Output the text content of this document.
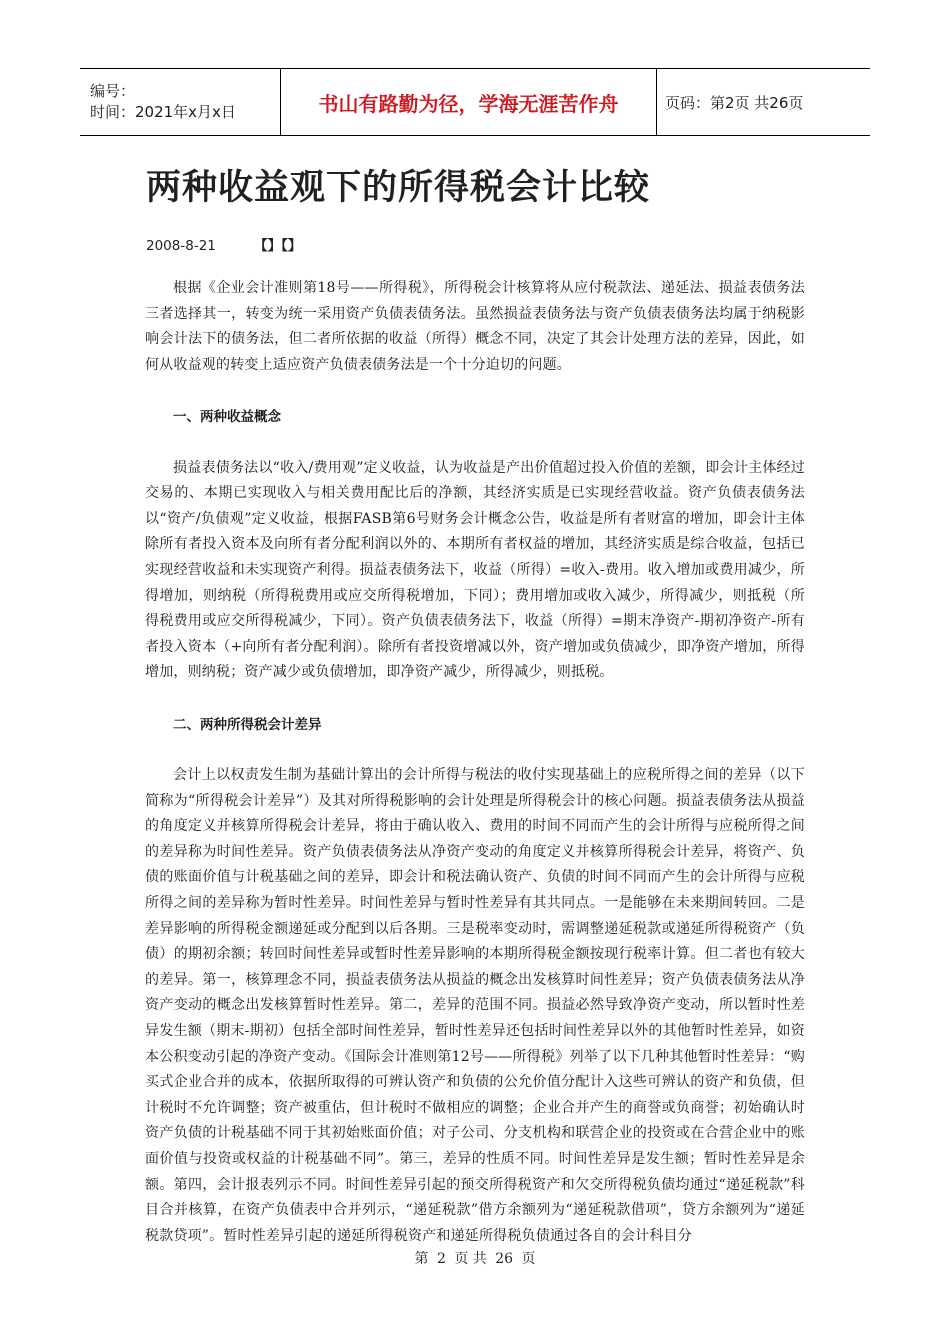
编号：
时间：2021年x月x日	书山有路勤为径，学海无涯苦作舟	页码：第2页 共26页
两种收益观下的所得税会计比较
2008-8-21	【】【】

根据《企业会计准则第18号——所得税》，所得税会计核算将从应付税款法、递延法、损益表债务法三者选择其一，转变为统一采用资产负债表债务法。虽然损益表债务法与资产负债表债务法均属于纳税影响会计法下的债务法，但二者所依据的收益（所得）概念不同，决定了其会计处理方法的差异，因此，如何从收益观的转变上适应资产负债表债务法是一个十分迫切的问题。

一、两种收益概念

损益表债务法以“收入/费用观”定义收益，认为收益是产出价值超过投入价值的差额，即会计主体经过交易的、本期已实现收入与相关费用配比后的净额，其经济实质是已实现经营收益。资产负债表债务法以“资产/负债观”定义收益，根据FASB第6号财务会计概念公告，收益是所有者财富的增加，即会计主体除所有者投入资本及向所有者分配利润以外的、本期所有者权益的增加，其经济实质是综合收益，包括已实现经营收益和未实现资产利得。损益表债务法下，收益（所得）=收入-费用。收入增加或费用减少，所得增加，则纳税（所得税费用或应交所得税增加，下同）；费用增加或收入减少，所得减少，则抵税（所得税费用或应交所得税减少，下同）。资产负债表债务法下，收益（所得）=期末净资产-期初净资产-所有者投入资本（+向所有者分配利润）。除所有者投资增减以外，资产增加或负债减少，即净资产增加，所得增加，则纳税；资产减少或负债增加，即净资产减少，所得减少，则抵税。

二、两种所得税会计差异

会计上以权责发生制为基础计算出的会计所得与税法的收付实现基础上的应税所得之间的差异（以下简称为“所得税会计差异”）及其对所得税影响的会计处理是所得税会计的核心问题。损益表债务法从损益的角度定义并核算所得税会计差异，将由于确认收入、费用的时间不同而产生的会计所得与应税所得之间的差异称为时间性差异。资产负债表债务法从净资产变动的角度定义并核算所得税会计差异，将资产、负债的账面价值与计税基础之间的差异，即会计和税法确认资产、负债的时间不同而产生的会计所得与应税所得之间的差异称为暂时性差异。时间性差异与暂时性差异有其共同点。一是能够在未来期间转回。二是差异影响的所得税金额递延或分配到以后各期。三是税率变动时，需调整递延税款或递延所得税资产（负债）的期初余额；转回时间性差异或暂时性差异影响的本期所得税金额按现行税率计算。但二者也有较大的差异。第一，核算理念不同，损益表债务法从损益的概念出发核算时间性差异；资产负债表债务法从净资产变动的概念出发核算暂时性差异。第二，差异的范围不同。损益必然导致净资产变动，所以暂时性差异发生额（期末-期初）包括全部时间性差异，暂时性差异还包括时间性差异以外的其他暂时性差异，如资本公积变动引起的净资产变动。《国际会计准则第12号——所得税》列举了以下几种其他暂时性差异：“购买式企业合并的成本，依据所取得的可辨认资产和负债的公允价值分配计入这些可辨认的资产和负债，但计税时不允许调整；资产被重估，但计税时不做相应的调整；企业合并产生的商誉或负商誉；初始确认时资产负债的计税基础不同于其初始账面价值；对子公司、分支机构和联营企业的投资或在合营企业中的账面价值与投资或权益的计税基础不同”。第三，差异的性质不同。时间性差异是发生额；暂时性差异是余额。第四，会计报表列示不同。时间性差异引起的预交所得税资产和欠交所得税负债均通过“递延税款”科目合并核算，在资产负债表中合并列示，“递延税款”借方余额列为“递延税款借项”，贷方余额列为“递延税款贷项”。暂时性差异引起的递延所得税资产和递延所得税负债通过各自的会计科目分

第 2 页 共 26 页
